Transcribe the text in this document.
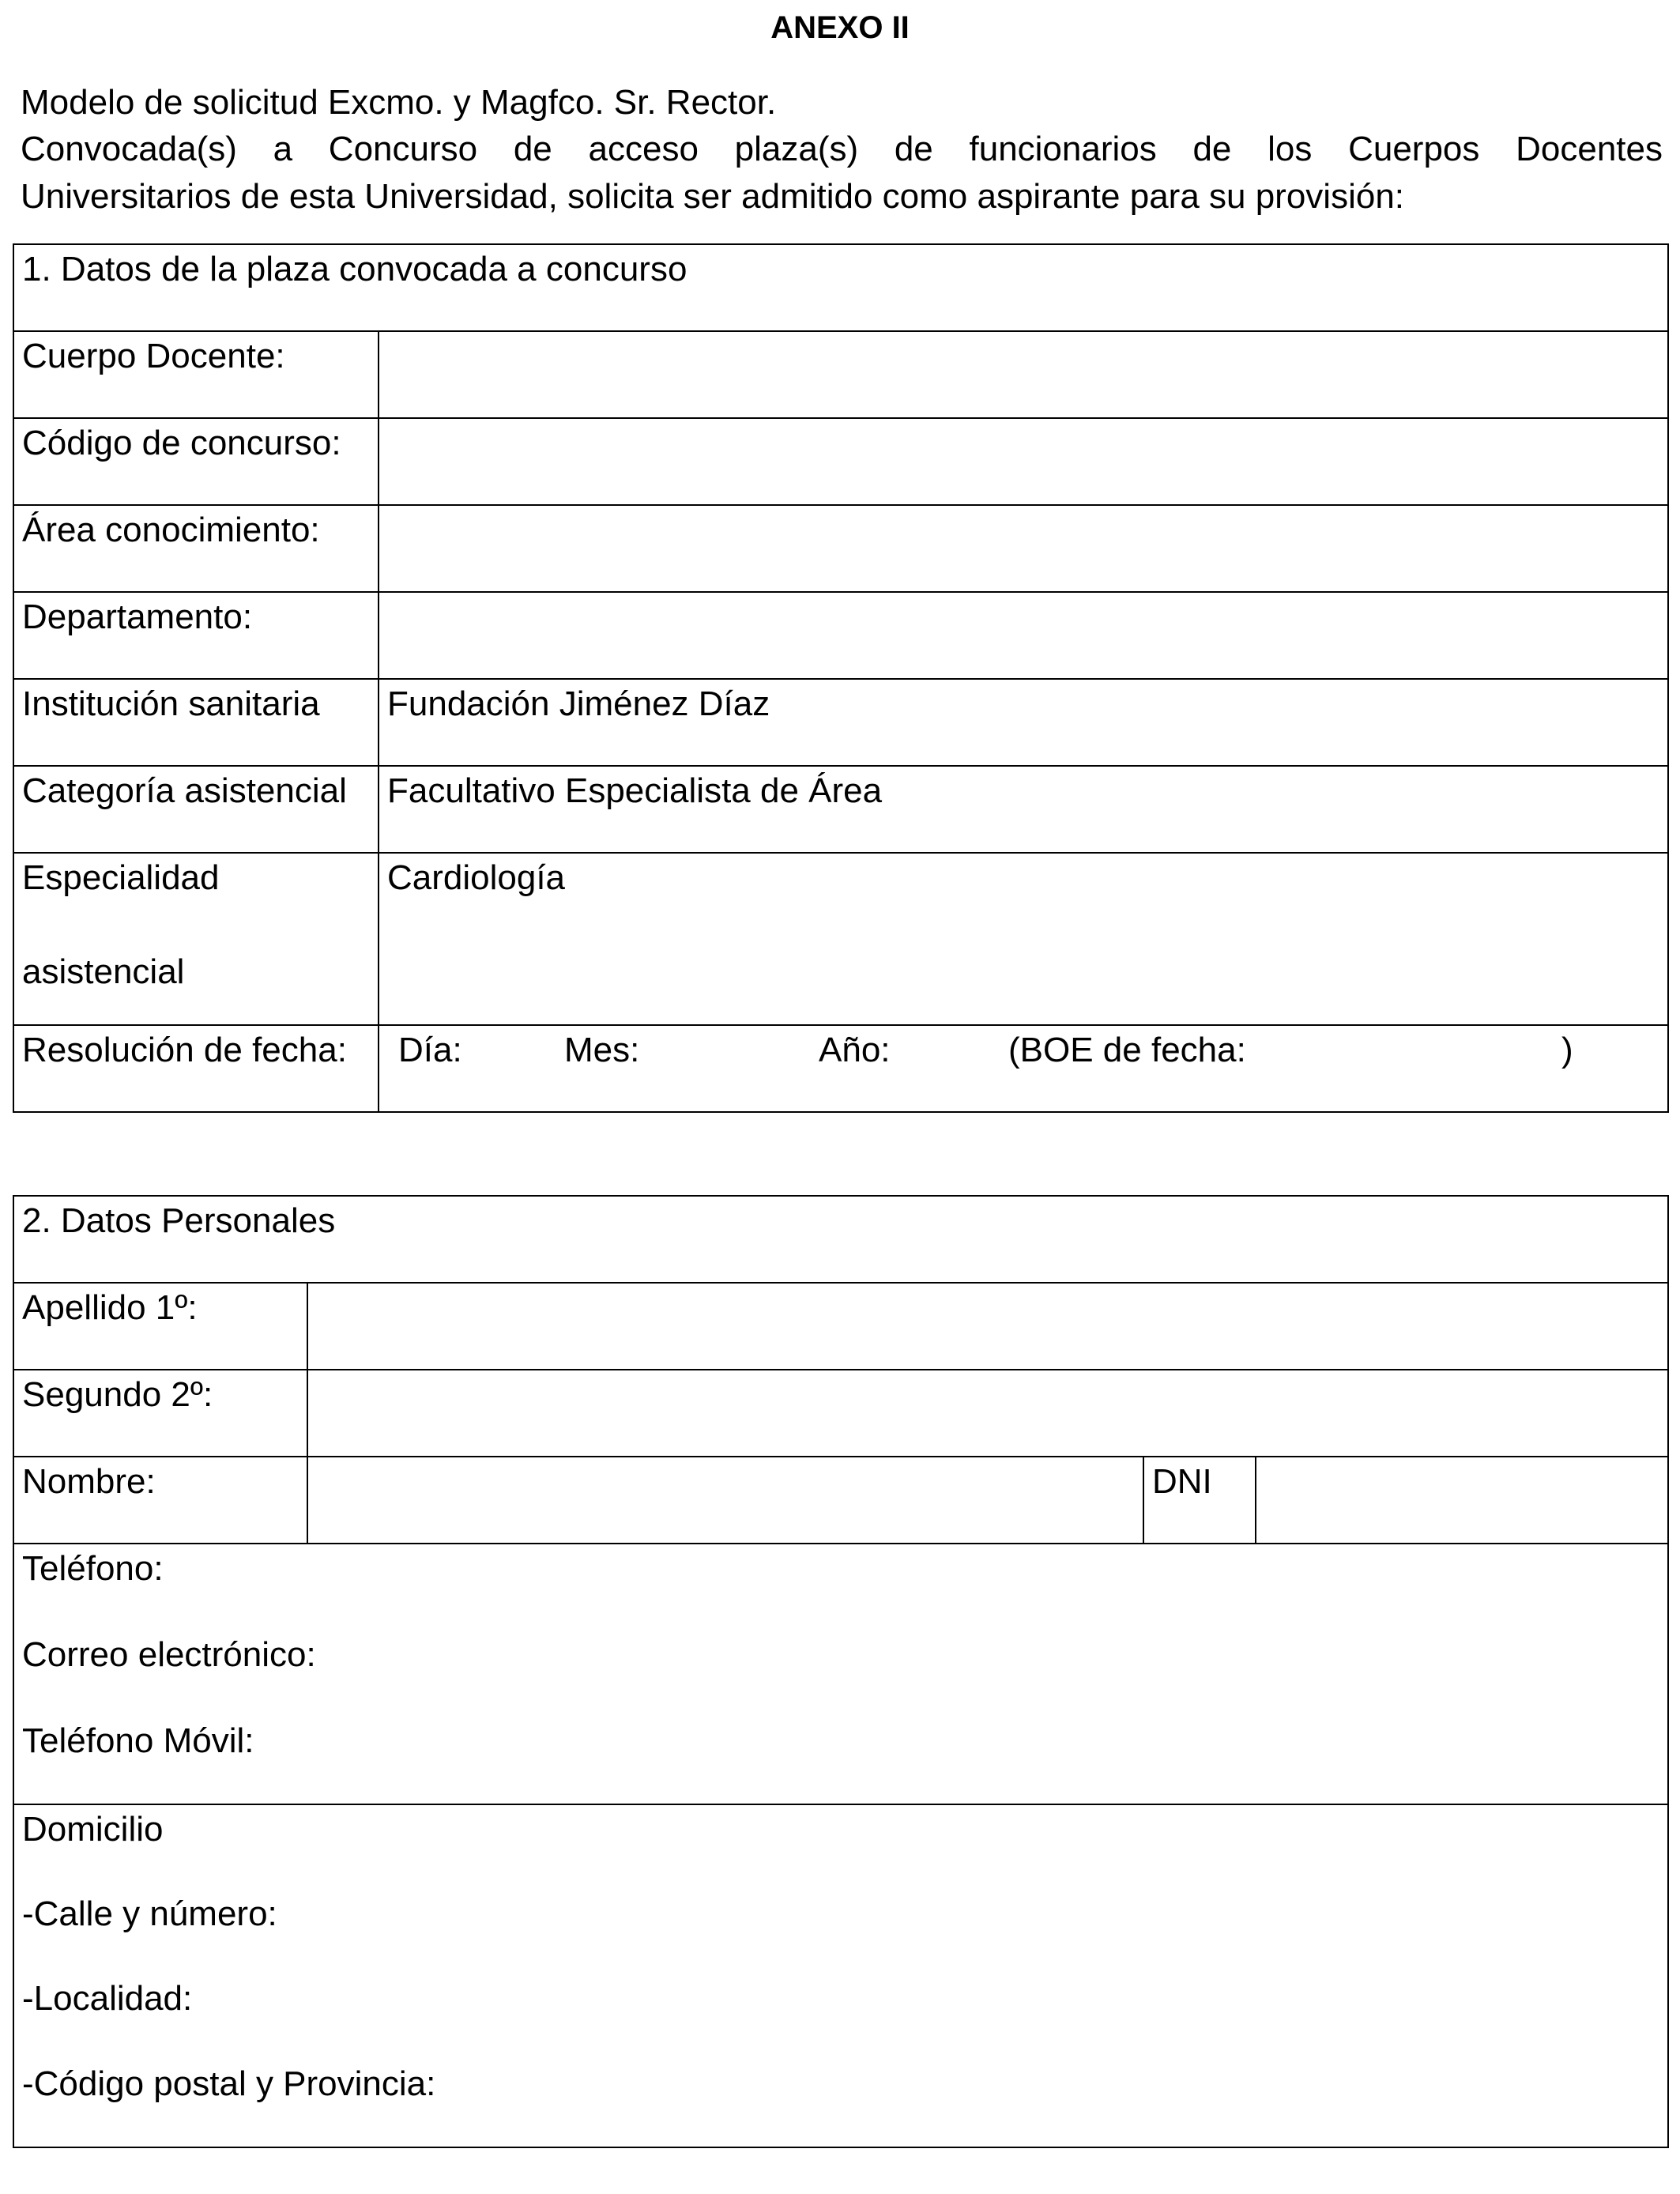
ANEXO II
Modelo de solicitud Excmo. y Magfco. Sr. Rector.
Convocada(s) a Concurso de acceso plaza(s) de funcionarios de los Cuerpos Docentes
Universitarios de esta Universidad, solicita ser admitido como aspirante para su provisión:
1. Datos de la plaza convocada a concurso	
Cuerpo Docente:	
Código de concurso:	
Área conocimiento:	
Departamento:	
Institución sanitaria	Fundación Jiménez Díaz
Categoría asistencial	Facultativo Especialista de Área

Especialidad
asistencial	Cardiología
Resolución de fecha:	Día: Mes: Año: (BOE de fecha: )
2. Datos Personales			
Apellido 1º:			
Segundo 2º:			
Nombre:		DNI	

Teléfono:
Correo electrónico:
Teléfono Móvil:			

Domicilio
-Calle y número:
-Localidad:
-Código postal y Provincia:			
